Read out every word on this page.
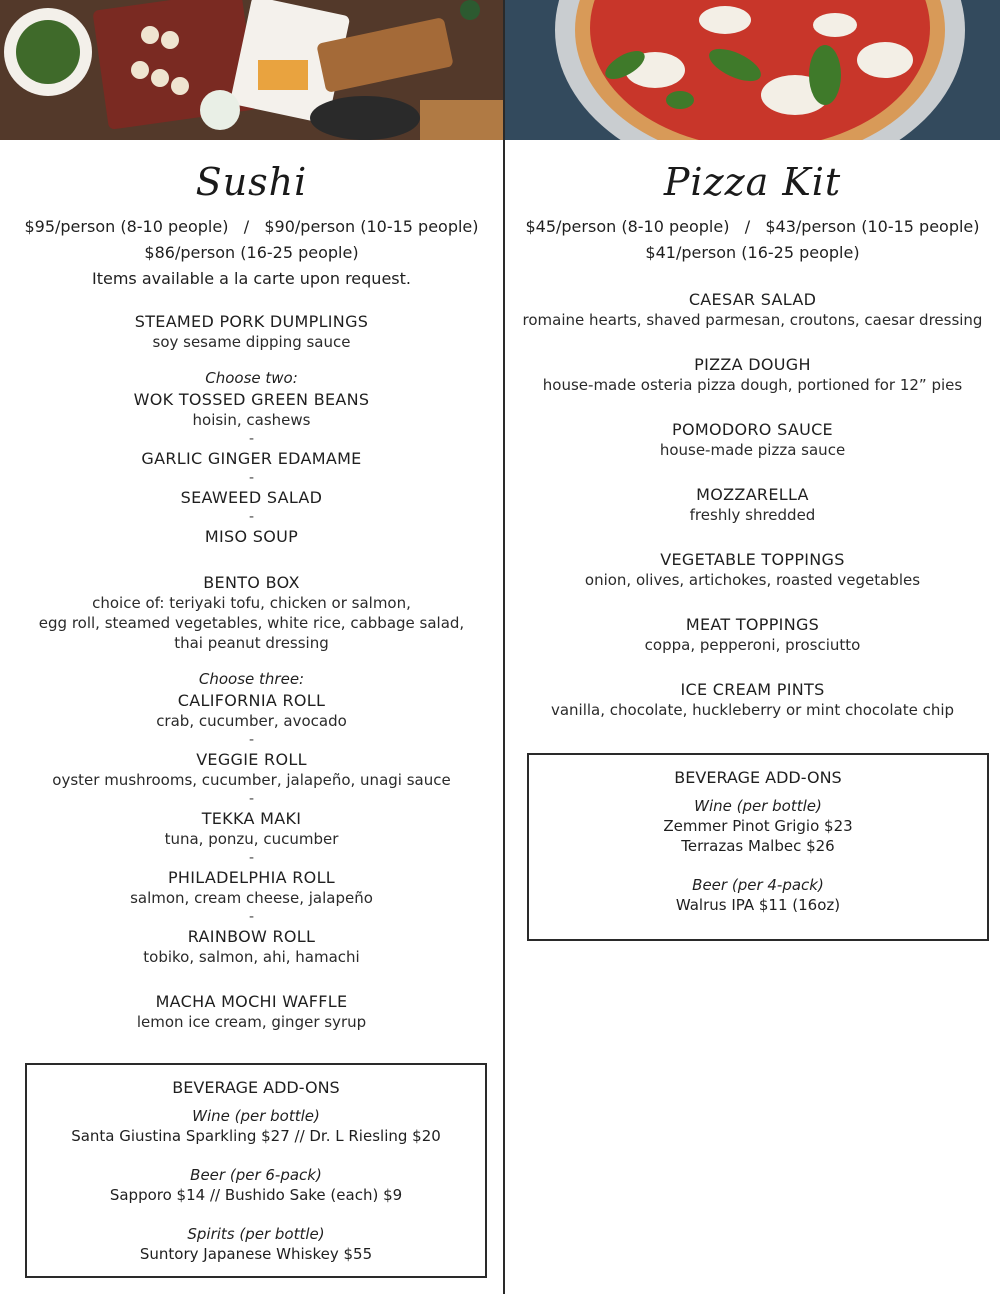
Sushi
$95/person (8-10 people)   /   $90/person (10-15 people)
$86/person (16-25 people)
Items available a la carte upon request.
STEAMED PORK DUMPLINGS
soy sesame dipping sauce
Choose two:
WOK TOSSED GREEN BEANS
hoisin, cashews
-
GARLIC GINGER EDAMAME
-
SEAWEED SALAD
-
MISO SOUP
BENTO BOX
choice of: teriyaki tofu, chicken or salmon,
egg roll, steamed vegetables, white rice, cabbage salad,
thai peanut dressing
Choose three:
CALIFORNIA ROLL
crab, cucumber, avocado
-
VEGGIE ROLL
oyster mushrooms, cucumber, jalapeño, unagi sauce
-
TEKKA MAKI
tuna, ponzu, cucumber
-
PHILADELPHIA ROLL
salmon, cream cheese, jalapeño
-
RAINBOW ROLL
tobiko, salmon, ahi, hamachi
MACHA MOCHI WAFFLE
lemon ice cream, ginger syrup
BEVERAGE ADD-ONS
Wine (per bottle)
Santa Giustina Sparkling $27 // Dr. L Riesling $20
Beer (per 6-pack)
Sapporo $14 // Bushido Sake (each) $9
Spirits (per bottle)
Suntory Japanese Whiskey $55
Pizza Kit
$45/person (8-10 people)   /   $43/person (10-15 people)
$41/person (16-25 people)
CAESAR SALAD
romaine hearts, shaved parmesan, croutons, caesar dressing
PIZZA DOUGH
house-made osteria pizza dough, portioned for 12” pies
POMODORO SAUCE
house-made pizza sauce
MOZZARELLA
freshly shredded
VEGETABLE TOPPINGS
onion, olives, artichokes, roasted vegetables
MEAT TOPPINGS
coppa, pepperoni, prosciutto
ICE CREAM PINTS
vanilla, chocolate, huckleberry or mint chocolate chip
BEVERAGE ADD-ONS
Wine (per bottle)
Zemmer Pinot Grigio $23
Terrazas Malbec $26
Beer (per 4-pack)
Walrus IPA $11 (16oz)
